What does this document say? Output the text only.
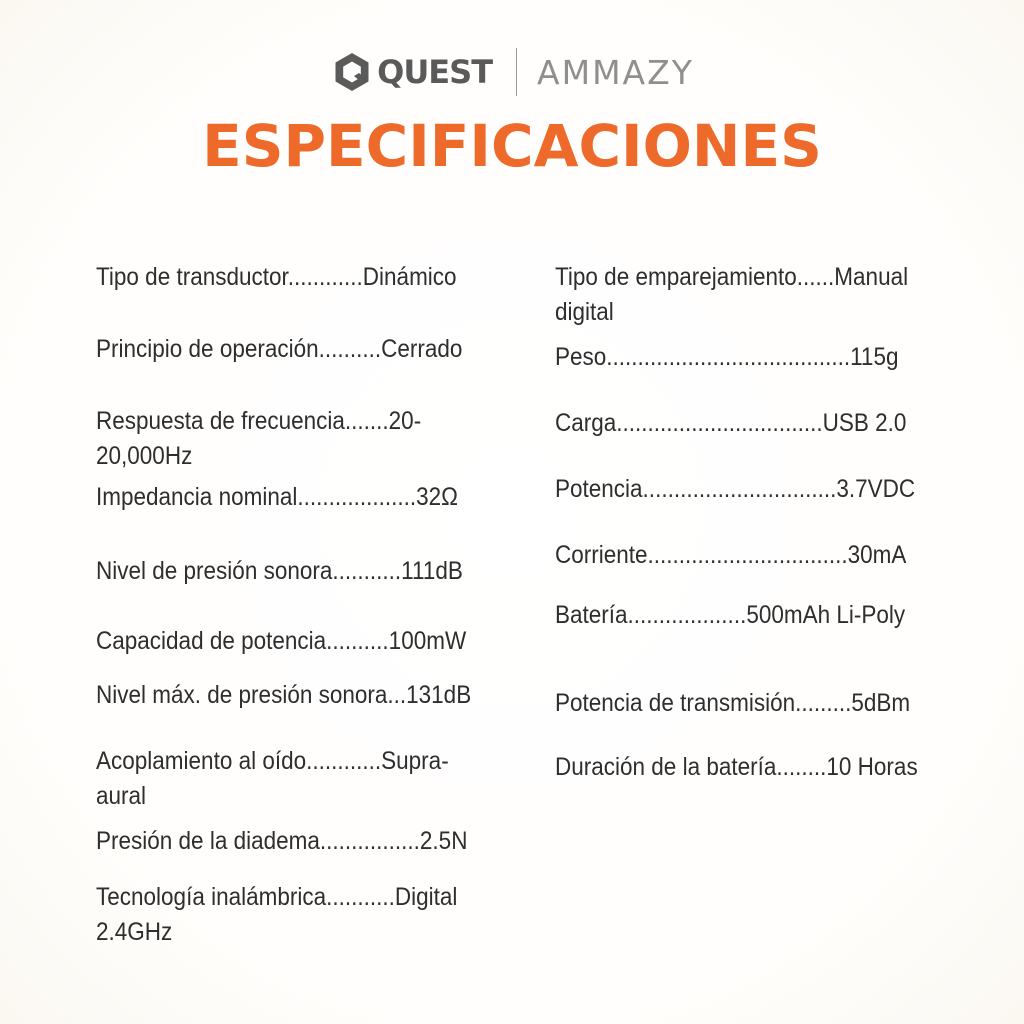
QUEST AMMAZY
ESPECIFICACIONES
Tipo de transductor............Dinámico
Principio de operación..........Cerrado
Respuesta de frecuencia.......20-
20,000Hz
Impedancia nominal...................32Ω
Nivel de presión sonora...........111dB
Capacidad de potencia..........100mW
Nivel máx. de presión sonora...131dB
Acoplamiento al oído............Supra-
aural
Presión de la diadema................2.5N
Tecnología inalámbrica...........Digital
2.4GHz
Tipo de emparejamiento......Manual
digital
Peso.......................................115g
Carga.................................USB 2.0
Potencia...............................3.7VDC
Corriente................................30mA
Batería...................500mAh Li-Poly
Potencia de transmisión.........5dBm
Duración de la batería........10 Horas
